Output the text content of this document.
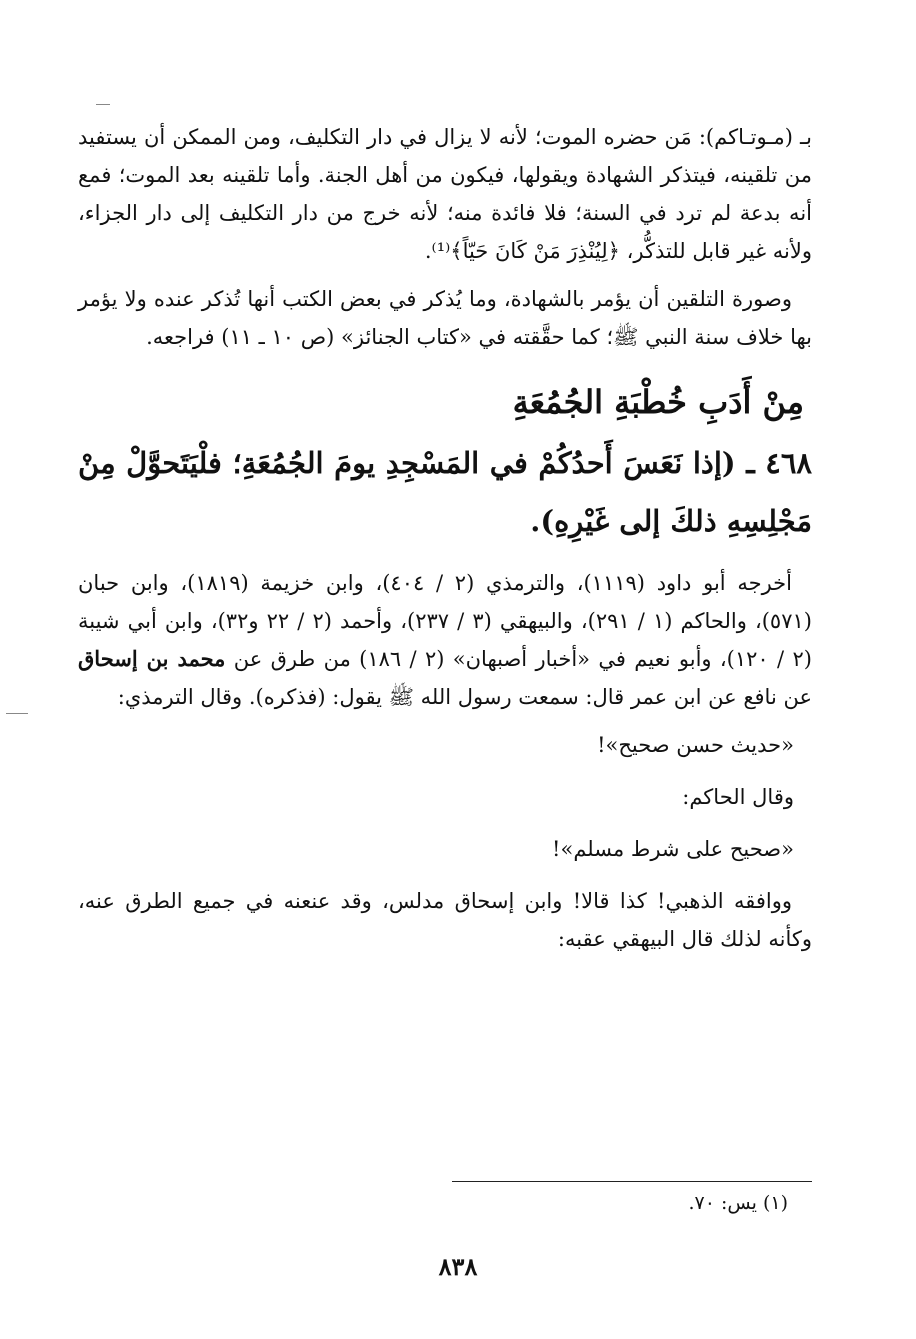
بـ (مـوتـاكم): مَن حضره الموت؛ لأنه لا يزال في دار التكليف، ومن الممكن أن يستفيد من تلقينه، فيتذكر الشهادة ويقولها، فيكون من أهل الجنة. وأما تلقينه بعد الموت؛ فمع أنه بدعة لم ترد في السنة؛ فلا فائدة منه؛ لأنه خرج من دار التكليف إلى دار الجزاء، ولأنه غير قابل للتذكُّر، ﴿لِيُنْذِرَ مَنْ كَانَ حَيّاً﴾⁽¹⁾.

وصورة التلقين أن يؤمر بالشهادة، وما يُذكر في بعض الكتب أنها تُذكر عنده ولا يؤمر بها خلاف سنة النبي ﷺ؛ كما حقَّقته في «كتاب الجنائز» (ص ١٠ ـ ١١) فراجعه.

مِنْ أَدَبِ خُطْبَةِ الجُمُعَةِ
٤٦٨ ـ (إذا نَعَسَ أَحدُكُمْ في المَسْجِدِ يومَ الجُمُعَةِ؛ فلْيَتَحوَّلْ مِنْ مَجْلِسِهِ ذلكَ إلى غَيْرِهِ).

أخرجه أبو داود (١١١٩)، والترمذي (٢ / ٤٠٤)، وابن خزيمة (١٨١٩)، وابن حبان (٥٧١)، والحاكم (١ / ٢٩١)، والبيهقي (٣ / ٢٣٧)، وأحمد (٢ / ٢٢ و٣٢)، وابن أبي شيبة (٢ / ١٢٠)، وأبو نعيم في «أخبار أصبهان» (٢ / ١٨٦) من طرق عن محمد بن إسحاق عن نافع عن ابن عمر قال: سمعت رسول الله ﷺ يقول: (فذكره). وقال الترمذي:

«حديث حسن صحيح»!
وقال الحاكم:
«صحيح على شرط مسلم»!

ووافقه الذهبي! كذا قالا! وابن إسحاق مدلس، وقد عنعنه في جميع الطرق عنه، وكأنه لذلك قال البيهقي عقبه:

(١) يس: ٧٠.
٨٣٨
